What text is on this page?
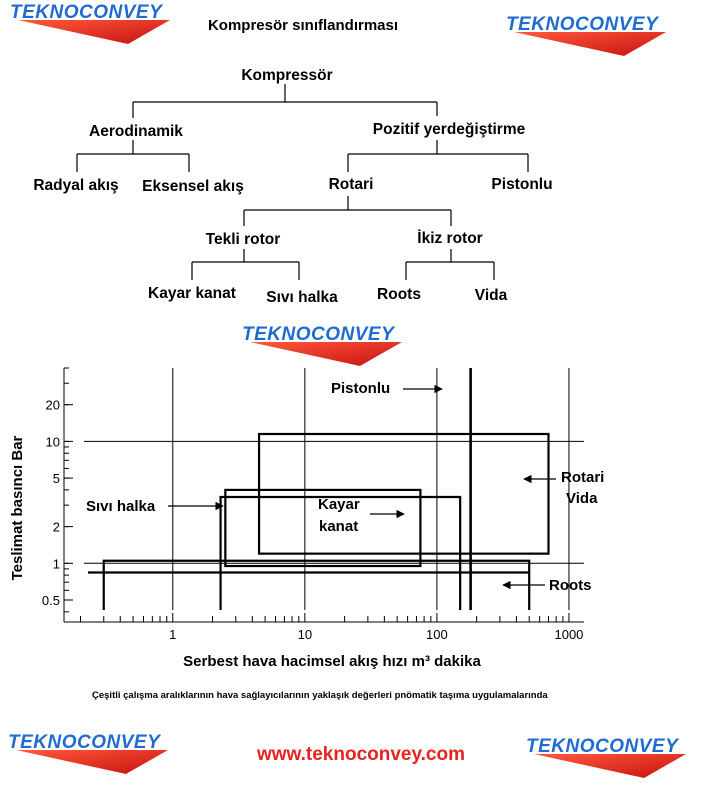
TEKNOCONVEY
TEKNOCONVEY
TEKNOCONVEY
TEKNOCONVEY	TEKNOCONVEY
Kompresör sınıflandırması
Kompressör
Aerodinamik	Pozitif yerdeğiştirme
Radyal akış Eksensel akış	Rotari	Pistonlu
Tekli rotor	İkiz rotor
Kayar kanat Sıvı halka	Roots	Vida
1	10	100	1000
0.5
1
2
5
10
20
Teslimat basıncı Bar
Serbest hava hacimsel akış hızı m³ dakika
Pistonlu
Rotari
Vida
Sıvı halka	Kayar
kanat
Roots
Çeşitli çalışma aralıklarının hava sağlayıcılarının yaklaşık değerleri pnömatik taşıma uygulamalarında
www.teknoconvey.com
